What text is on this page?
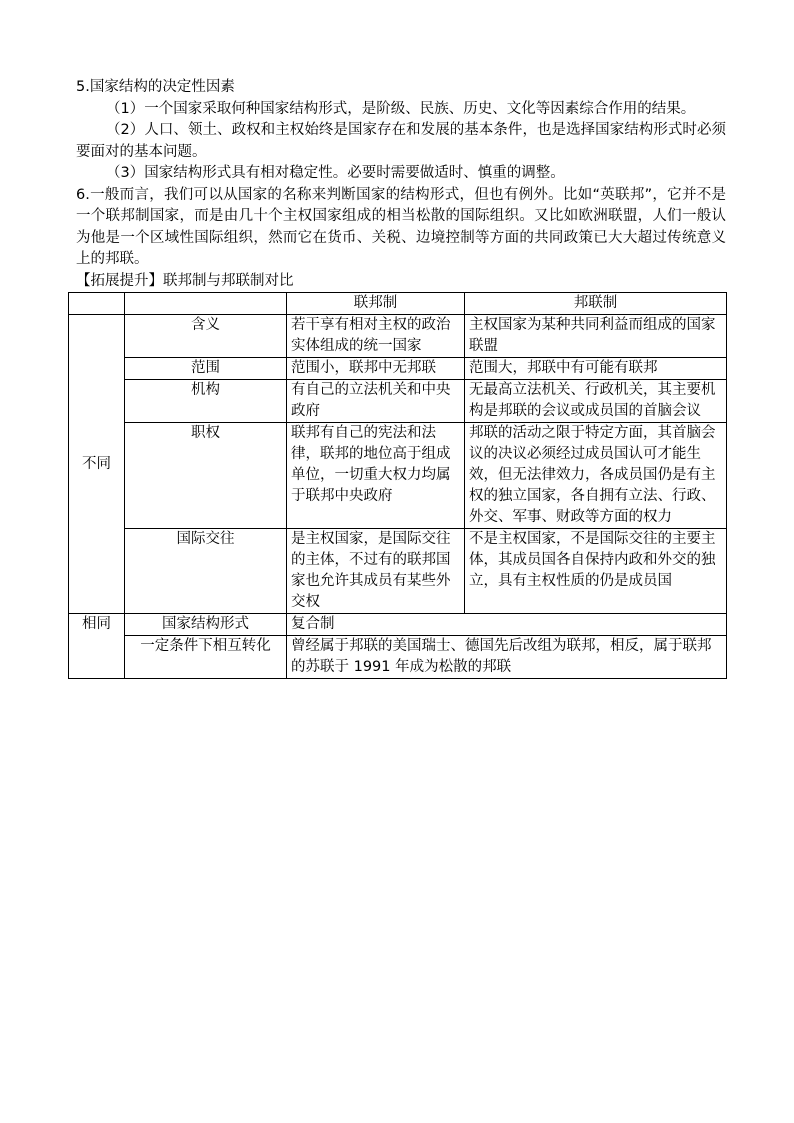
5.国家结构的决定性因素

（1）一个国家采取何种国家结构形式，是阶级、民族、历史、文化等因素综合作用的结果。

（2）人口、领土、政权和主权始终是国家存在和发展的基本条件，也是选择国家结构形式时必须要面对的基本问题。

（3）国家结构形式具有相对稳定性。必要时需要做适时、慎重的调整。

6.一般而言，我们可以从国家的名称来判断国家的结构形式，但也有例外。比如“英联邦”，它并不是一个联邦制国家，而是由几十个主权国家组成的相当松散的国际组织。又比如欧洲联盟，人们一般认为他是一个区域性国际组织，然而它在货币、关税、边境控制等方面的共同政策已大大超过传统意义上的邦联。

【拓展提升】联邦制与邦联制对比

		联邦制	邦联制
不同	含义	若干享有相对主权的政治实体组成的统一国家	主权国家为某种共同利益而组成的国家联盟
	范围	范围小，联邦中无邦联	范围大，邦联中有可能有联邦
	机构	有自己的立法机关和中央政府	无最高立法机关、行政机关，其主要机构是邦联的会议或成员国的首脑会议
	职权	联邦有自己的宪法和法律，联邦的地位高于组成单位，一切重大权力均属于联邦中央政府	邦联的活动之限于特定方面，其首脑会议的决议必须经过成员国认可才能生效，但无法律效力，各成员国仍是有主权的独立国家，各自拥有立法、行政、外交、军事、财政等方面的权力
	国际交往	是主权国家，是国际交往的主体，不过有的联邦国家也允许其成员有某些外交权	不是主权国家，不是国际交往的主要主体，其成员国各自保持内政和外交的独立，具有主权性质的仍是成员国
相同	国家结构形式	复合制	
	一定条件下相互转化	曾经属于邦联的美国瑞士、德国先后改组为联邦，相反，属于联邦的苏联于 1991 年成为松散的邦联	
